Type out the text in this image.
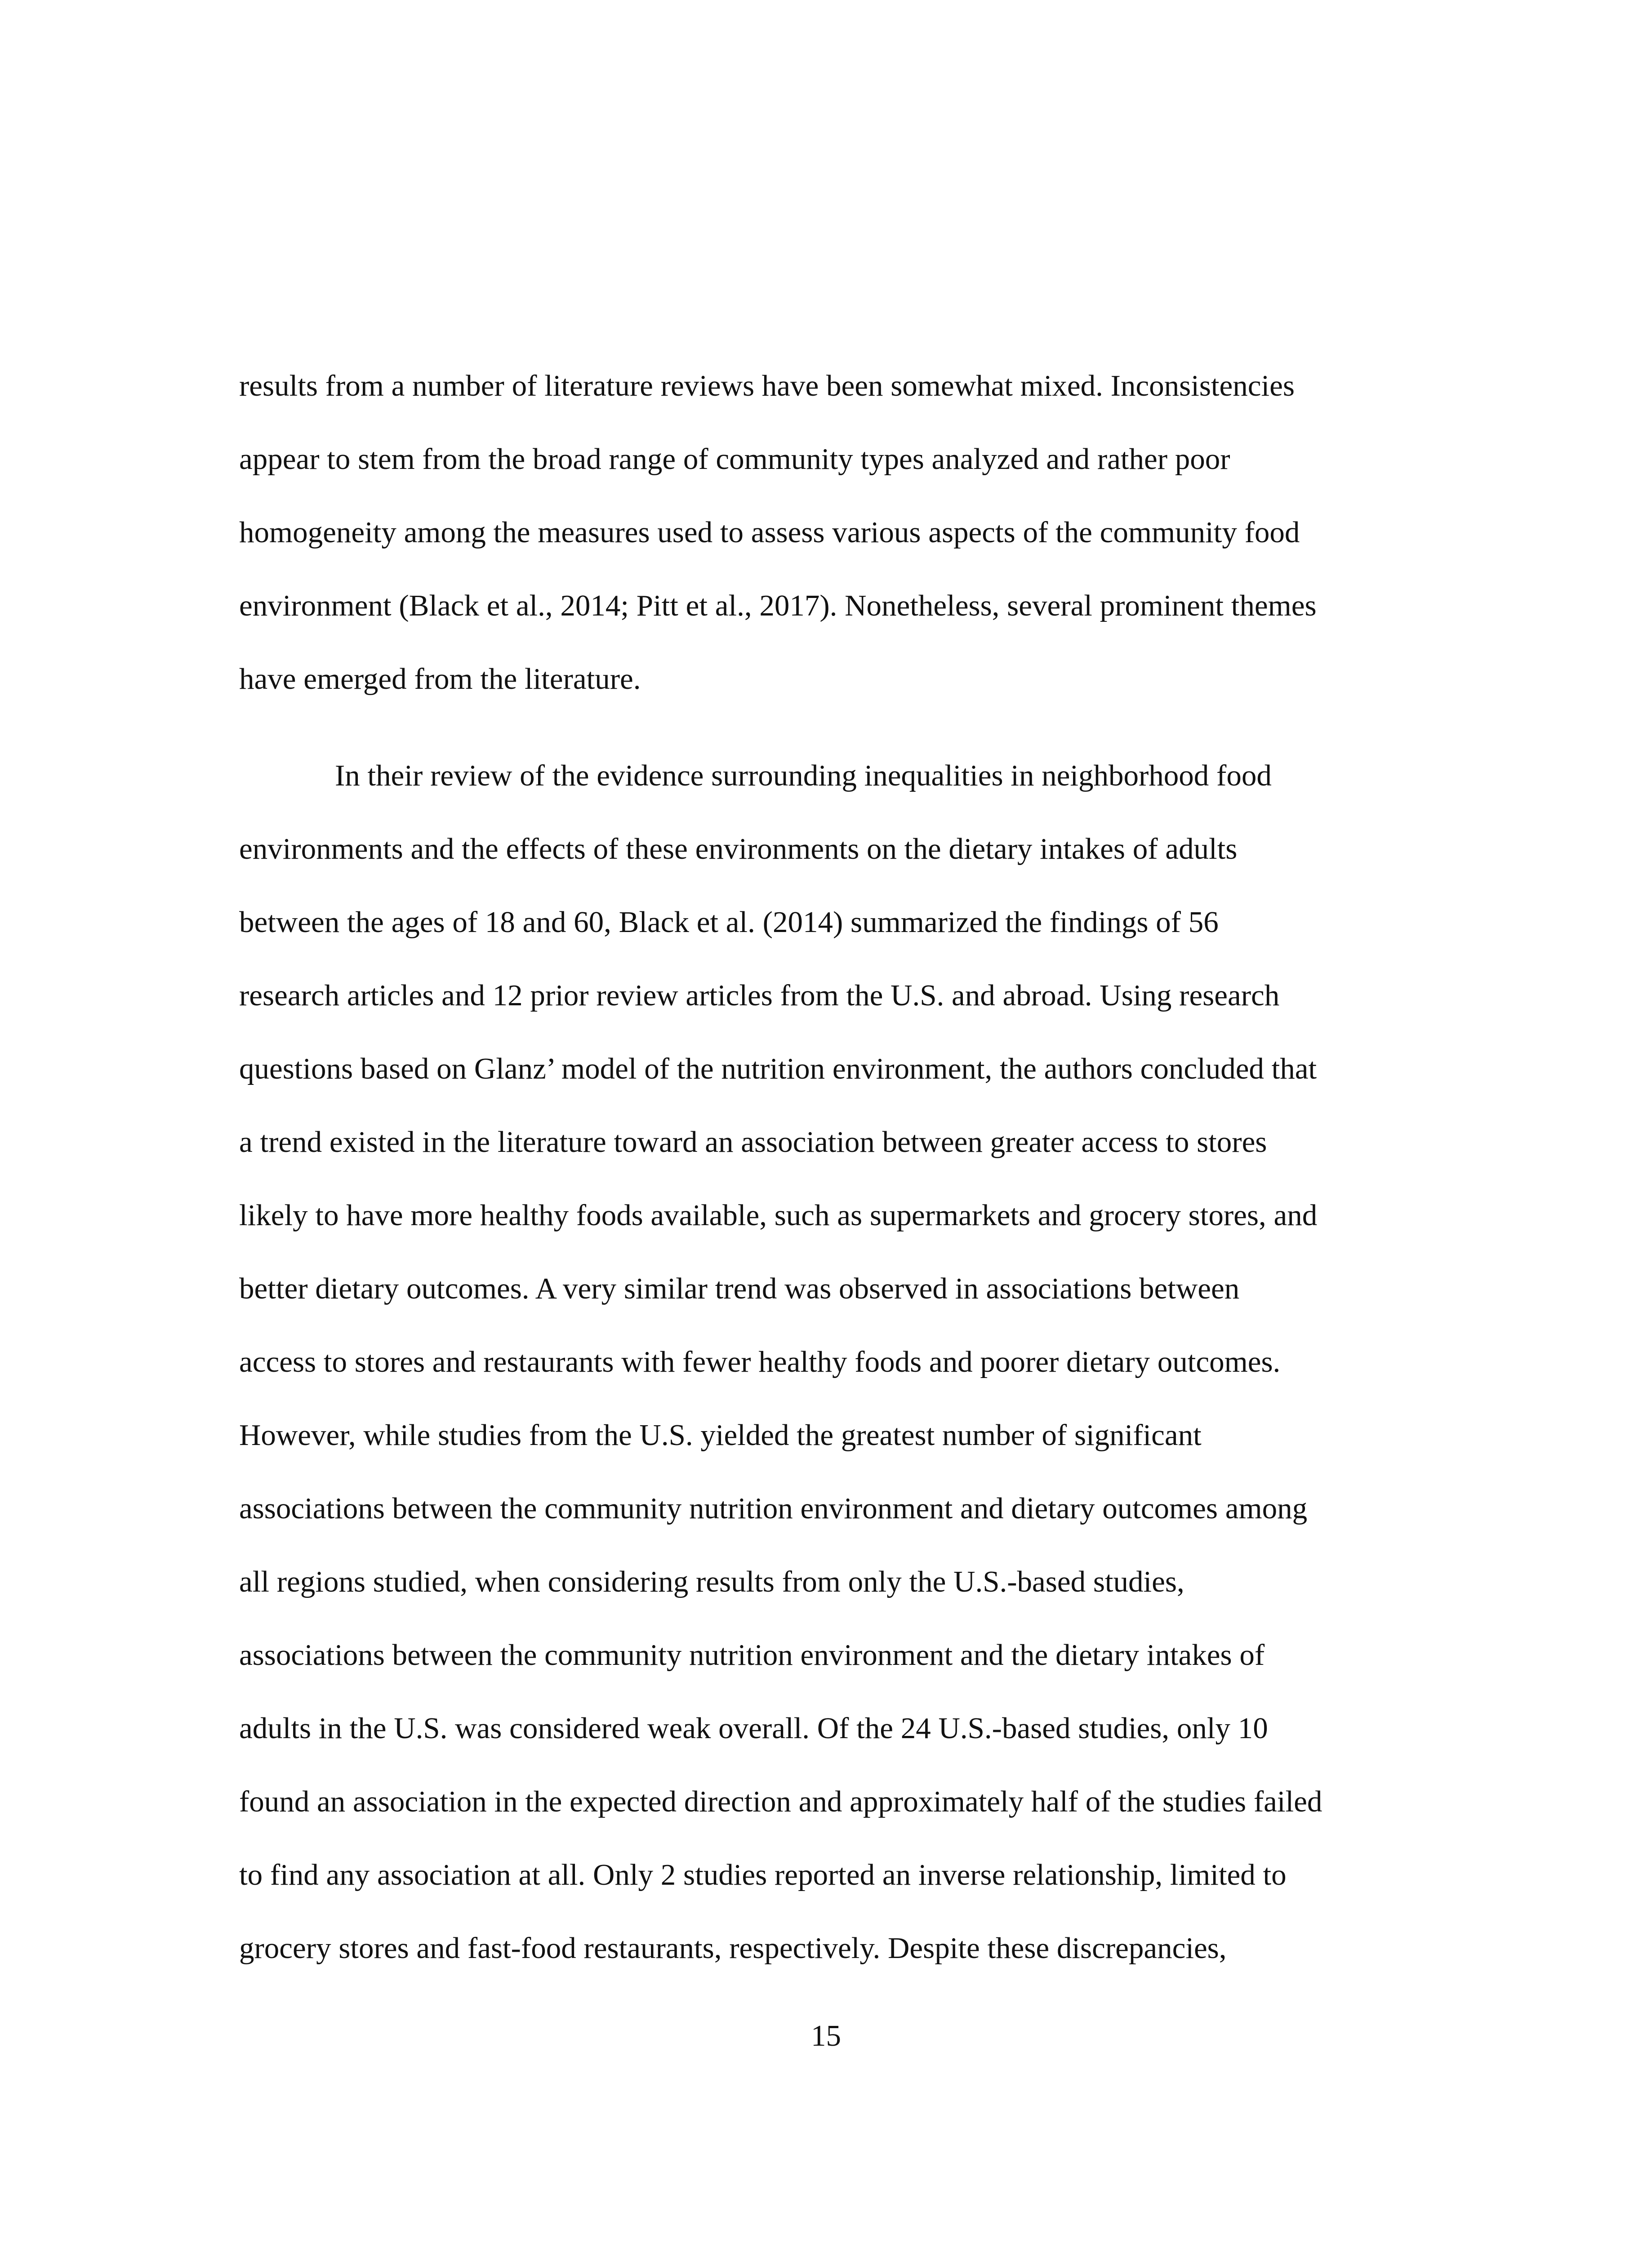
results from a number of literature reviews have been somewhat mixed. Inconsistencies

appear to stem from the broad range of community types analyzed and rather poor

homogeneity among the measures used to assess various aspects of the community food

environment (Black et al., 2014; Pitt et al., 2017). Nonetheless, several prominent themes

have emerged from the literature.

In their review of the evidence surrounding inequalities in neighborhood food

environments and the effects of these environments on the dietary intakes of adults

between the ages of 18 and 60, Black et al. (2014) summarized the findings of 56

research articles and 12 prior review articles from the U.S. and abroad. Using research

questions based on Glanz’ model of the nutrition environment, the authors concluded that

a trend existed in the literature toward an association between greater access to stores

likely to have more healthy foods available, such as supermarkets and grocery stores, and

better dietary outcomes. A very similar trend was observed in associations between

access to stores and restaurants with fewer healthy foods and poorer dietary outcomes.

However, while studies from the U.S. yielded the greatest number of significant

associations between the community nutrition environment and dietary outcomes among

all regions studied, when considering results from only the U.S.-based studies,

associations between the community nutrition environment and the dietary intakes of

adults in the U.S. was considered weak overall. Of the 24 U.S.-based studies, only 10

found an association in the expected direction and approximately half of the studies failed

to find any association at all. Only 2 studies reported an inverse relationship, limited to

grocery stores and fast-food restaurants, respectively. Despite these discrepancies,

15
